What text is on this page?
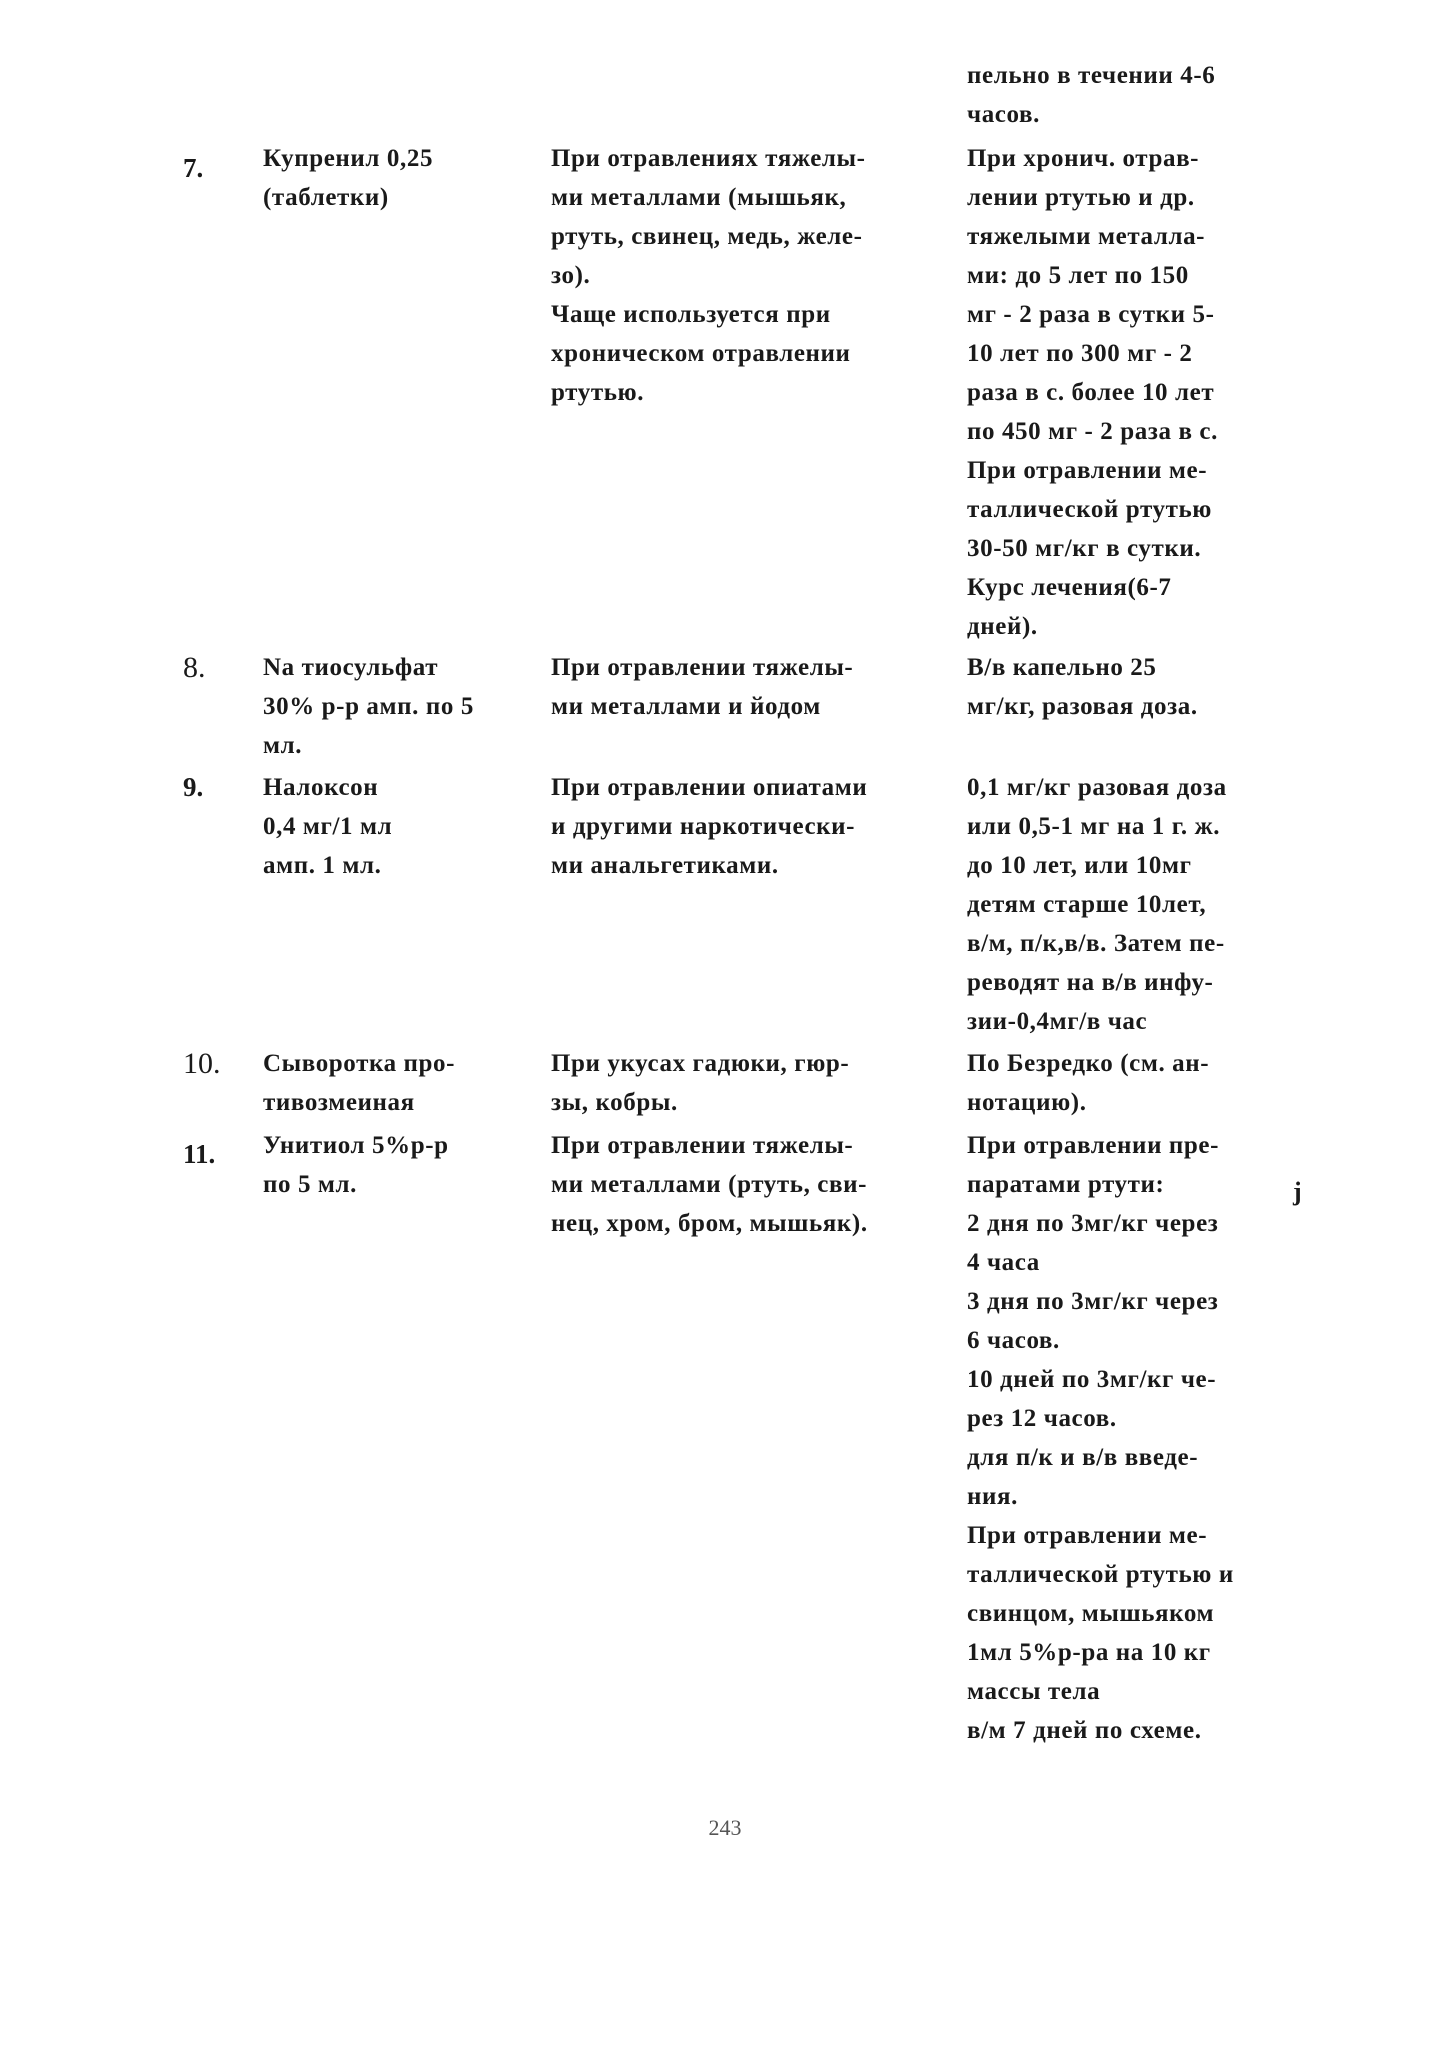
пельно в течении 4-6
часов.
7. Купренил 0,25
(таблетки)
При отравлениях тяжелы-
ми металлами (мышьяк,
ртуть, свинец, медь, желе-
зо).
Чаще используется при
хроническом отравлении
ртутью.
При хронич. отрав-
лении ртутью и др.
тяжелыми металла-
ми: до 5 лет по 150
мг - 2 раза в сутки 5-
10 лет по 300 мг - 2
раза в с. более 10 лет
по 450 мг - 2 раза в с.
При отравлении ме-
таллической ртутью
30-50 мг/кг в сутки.
Курс лечения(6-7
дней).
8. Na тиосульфат
30% р-р амп. по 5
мл.
При отравлении тяжелы-
ми металлами и йодом
В/в капельно 25
мг/кг, разовая доза.
9. Налоксон
0,4 мг/1 мл
амп. 1 мл.
При отравлении опиатами
и другими наркотически-
ми анальгетиками.
0,1 мг/кг разовая доза
или 0,5-1 мг на 1 г. ж.
до 10 лет, или 10мг
детям старше 10лет,
в/м, п/к,в/в. Затем пе-
реводят на в/в инфу-
зии-0,4мг/в час
10. Сыворотка про-
тивозмеиная
При укусах гадюки, гюр-
зы, кобры.
По Безредко (см. ан-
нотацию).
11. Унитиол 5%р-р
по 5 мл.
При отравлении тяжелы-
ми металлами (ртуть, сви-
нец, хром, бром, мышьяк).
При отравлении пре-
паратами ртути:
2 дня по 3мг/кг через
4 часа
3 дня по 3мг/кг через
6 часов.
10 дней по 3мг/кг че-
рез 12 часов.
для п/к и в/в введе-
ния.
При отравлении ме-
таллической ртутью и
свинцом, мышьяком
1мл 5%р-ра на 10 кг
массы тела
в/м 7 дней по схеме.
j
243
